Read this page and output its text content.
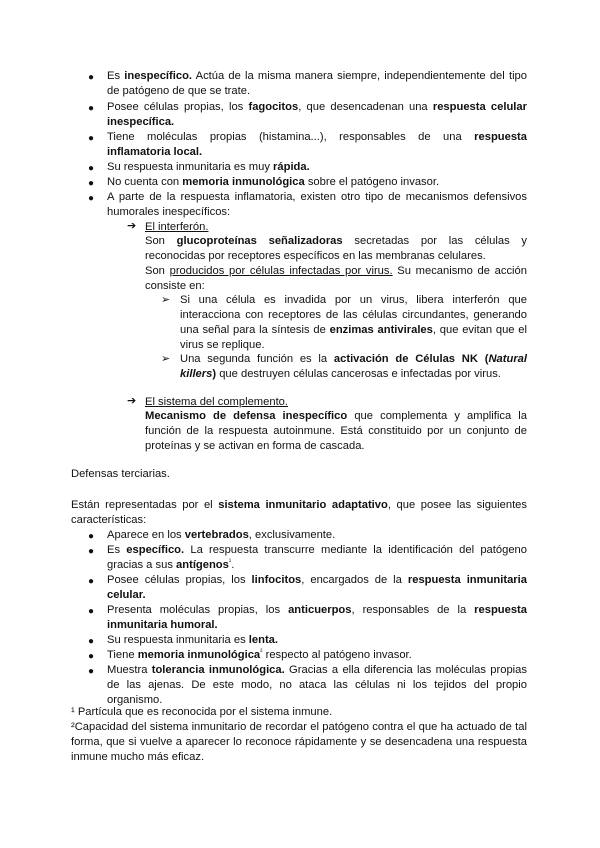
● Es inespecífico. Actúa de la misma manera siempre, independientemente del tipo de patógeno de que se trate.
● Posee células propias, los fagocitos, que desencadenan una respuesta celular inespecífica.
● Tiene moléculas propias (histamina...), responsables de una respuesta inflamatoria local.
● Su respuesta inmunitaria es muy rápida.
● No cuenta con memoria inmunológica sobre el patógeno invasor.
● A parte de la respuesta inflamatoria, existen otro tipo de mecanismos defensivos humorales inespecíficos:
➔ El interferón.
Son glucoproteínas señalizadoras secretadas por las células y reconocidas por receptores específicos en las membranas celulares.
Son producidos por células infectadas por virus. Su mecanismo de acción consiste en:
➢ Si una célula es invadida por un virus, libera interferón que interacciona con receptores de las células circundantes, generando una señal para la síntesis de enzimas antivirales, que evitan que el virus se replique.
➢ Una segunda función es la activación de Células NK (Natural killers) que destruyen células cancerosas e infectadas por virus.
➔ El sistema del complemento.
Mecanismo de defensa inespecífico que complementa y amplifica la función de la respuesta autoinmune. Está constituido por un conjunto de proteínas y se activan en forma de cascada.
Defensas terciarias.
Están representadas por el sistema inmunitario adaptativo, que posee las siguientes características:
● Aparece en los vertebrados, exclusivamente.
● Es específico. La respuesta transcurre mediante la identificación del patógeno gracias a sus antígenos$^{^1}$.
● Posee células propias, los linfocitos, encargados de la respuesta inmunitaria celular.
● Presenta moléculas propias, los anticuerpos, responsables de la respuesta inmunitaria humoral.
● Su respuesta inmunitaria es lenta.
● Tiene memoria inmunológica$^{^2}$ respecto al patógeno invasor.
● Muestra tolerancia inmunológica. Gracias a ella diferencia las moléculas propias de las ajenas. De este modo, no ataca las células ni los tejidos del propio organismo.
¹ Partícula que es reconocida por el sistema inmune.
²Capacidad del sistema inmunitario de recordar el patógeno contra el que ha actuado de tal forma, que si vuelve a aparecer lo reconoce rápidamente y se desencadena una respuesta inmune mucho más eficaz.
